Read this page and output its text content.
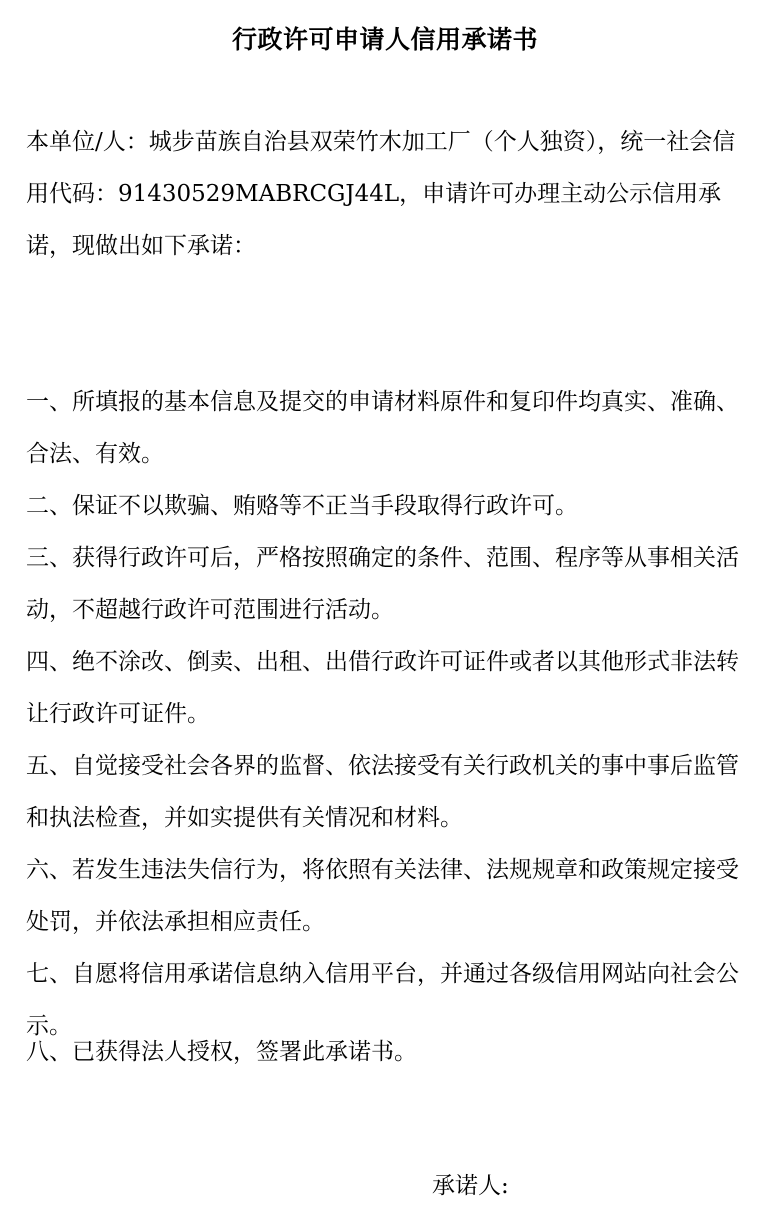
行政许可申请人信用承诺书

本单位/人：城步苗族自治县双荣竹木加工厂（个人独资），统一社会信用代码：91430529MABRCGJ44L，申请许可办理主动公示信用承诺，现做出如下承诺：

一、所填报的基本信息及提交的申请材料原件和复印件均真实、准确、合法、有效。

二、保证不以欺骗、贿赂等不正当手段取得行政许可。

三、获得行政许可后，严格按照确定的条件、范围、程序等从事相关活动，不超越行政许可范围进行活动。

四、绝不涂改、倒卖、出租、出借行政许可证件或者以其他形式非法转让行政许可证件。

五、自觉接受社会各界的监督、依法接受有关行政机关的事中事后监管和执法检查，并如实提供有关情况和材料。

六、若发生违法失信行为，将依照有关法律、法规规章和政策规定接受处罚，并依法承担相应责任。

七、自愿将信用承诺信息纳入信用平台，并通过各级信用网站向社会公示。

八、已获得法人授权，签署此承诺书。

承诺人:
